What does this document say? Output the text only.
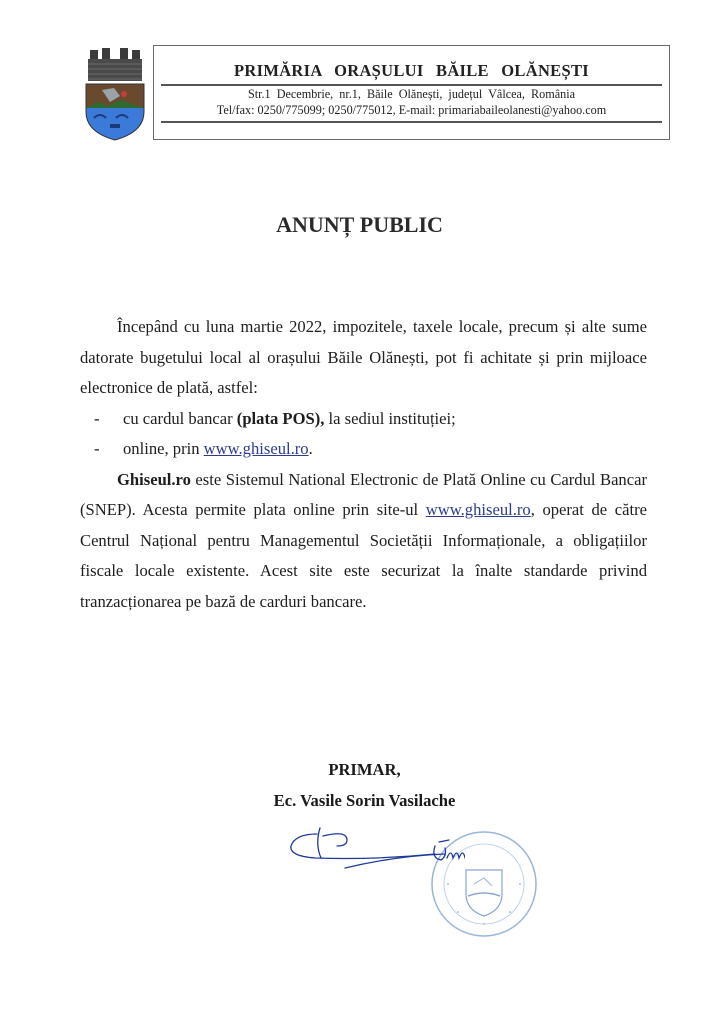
PRIMĂRIA ORAȘULUI BĂILE OLĂNEȘTI
Str.1 Decembrie, nr.1, Băile Olănești, județul Vâlcea, România
Tel/fax: 0250/775099; 0250/775012, E-mail: primariabaileolanesti@yahoo.com
ANUNȚ PUBLIC

Începând cu luna martie 2022, impozitele, taxele locale, precum și alte sume datorate bugetului local al orașului Băile Olănești, pot fi achitate și prin mijloace electronice de plată, astfel:

- cu cardul bancar (plata POS), la sediul instituției;

- online, prin www.ghiseul.ro.

Ghiseul.ro este Sistemul National Electronic de Plată Online cu Cardul Bancar (SNEP). Acesta permite plata online prin site-ul www.ghiseul.ro, operat de către Centrul Național pentru Managementul Societății Informaționale, a obligațiilor fiscale locale existente. Acest site este securizat la înalte standarde privind tranzacționarea pe bază de carduri bancare.

PRIMAR,
Ec. Vasile Sorin Vasilache
